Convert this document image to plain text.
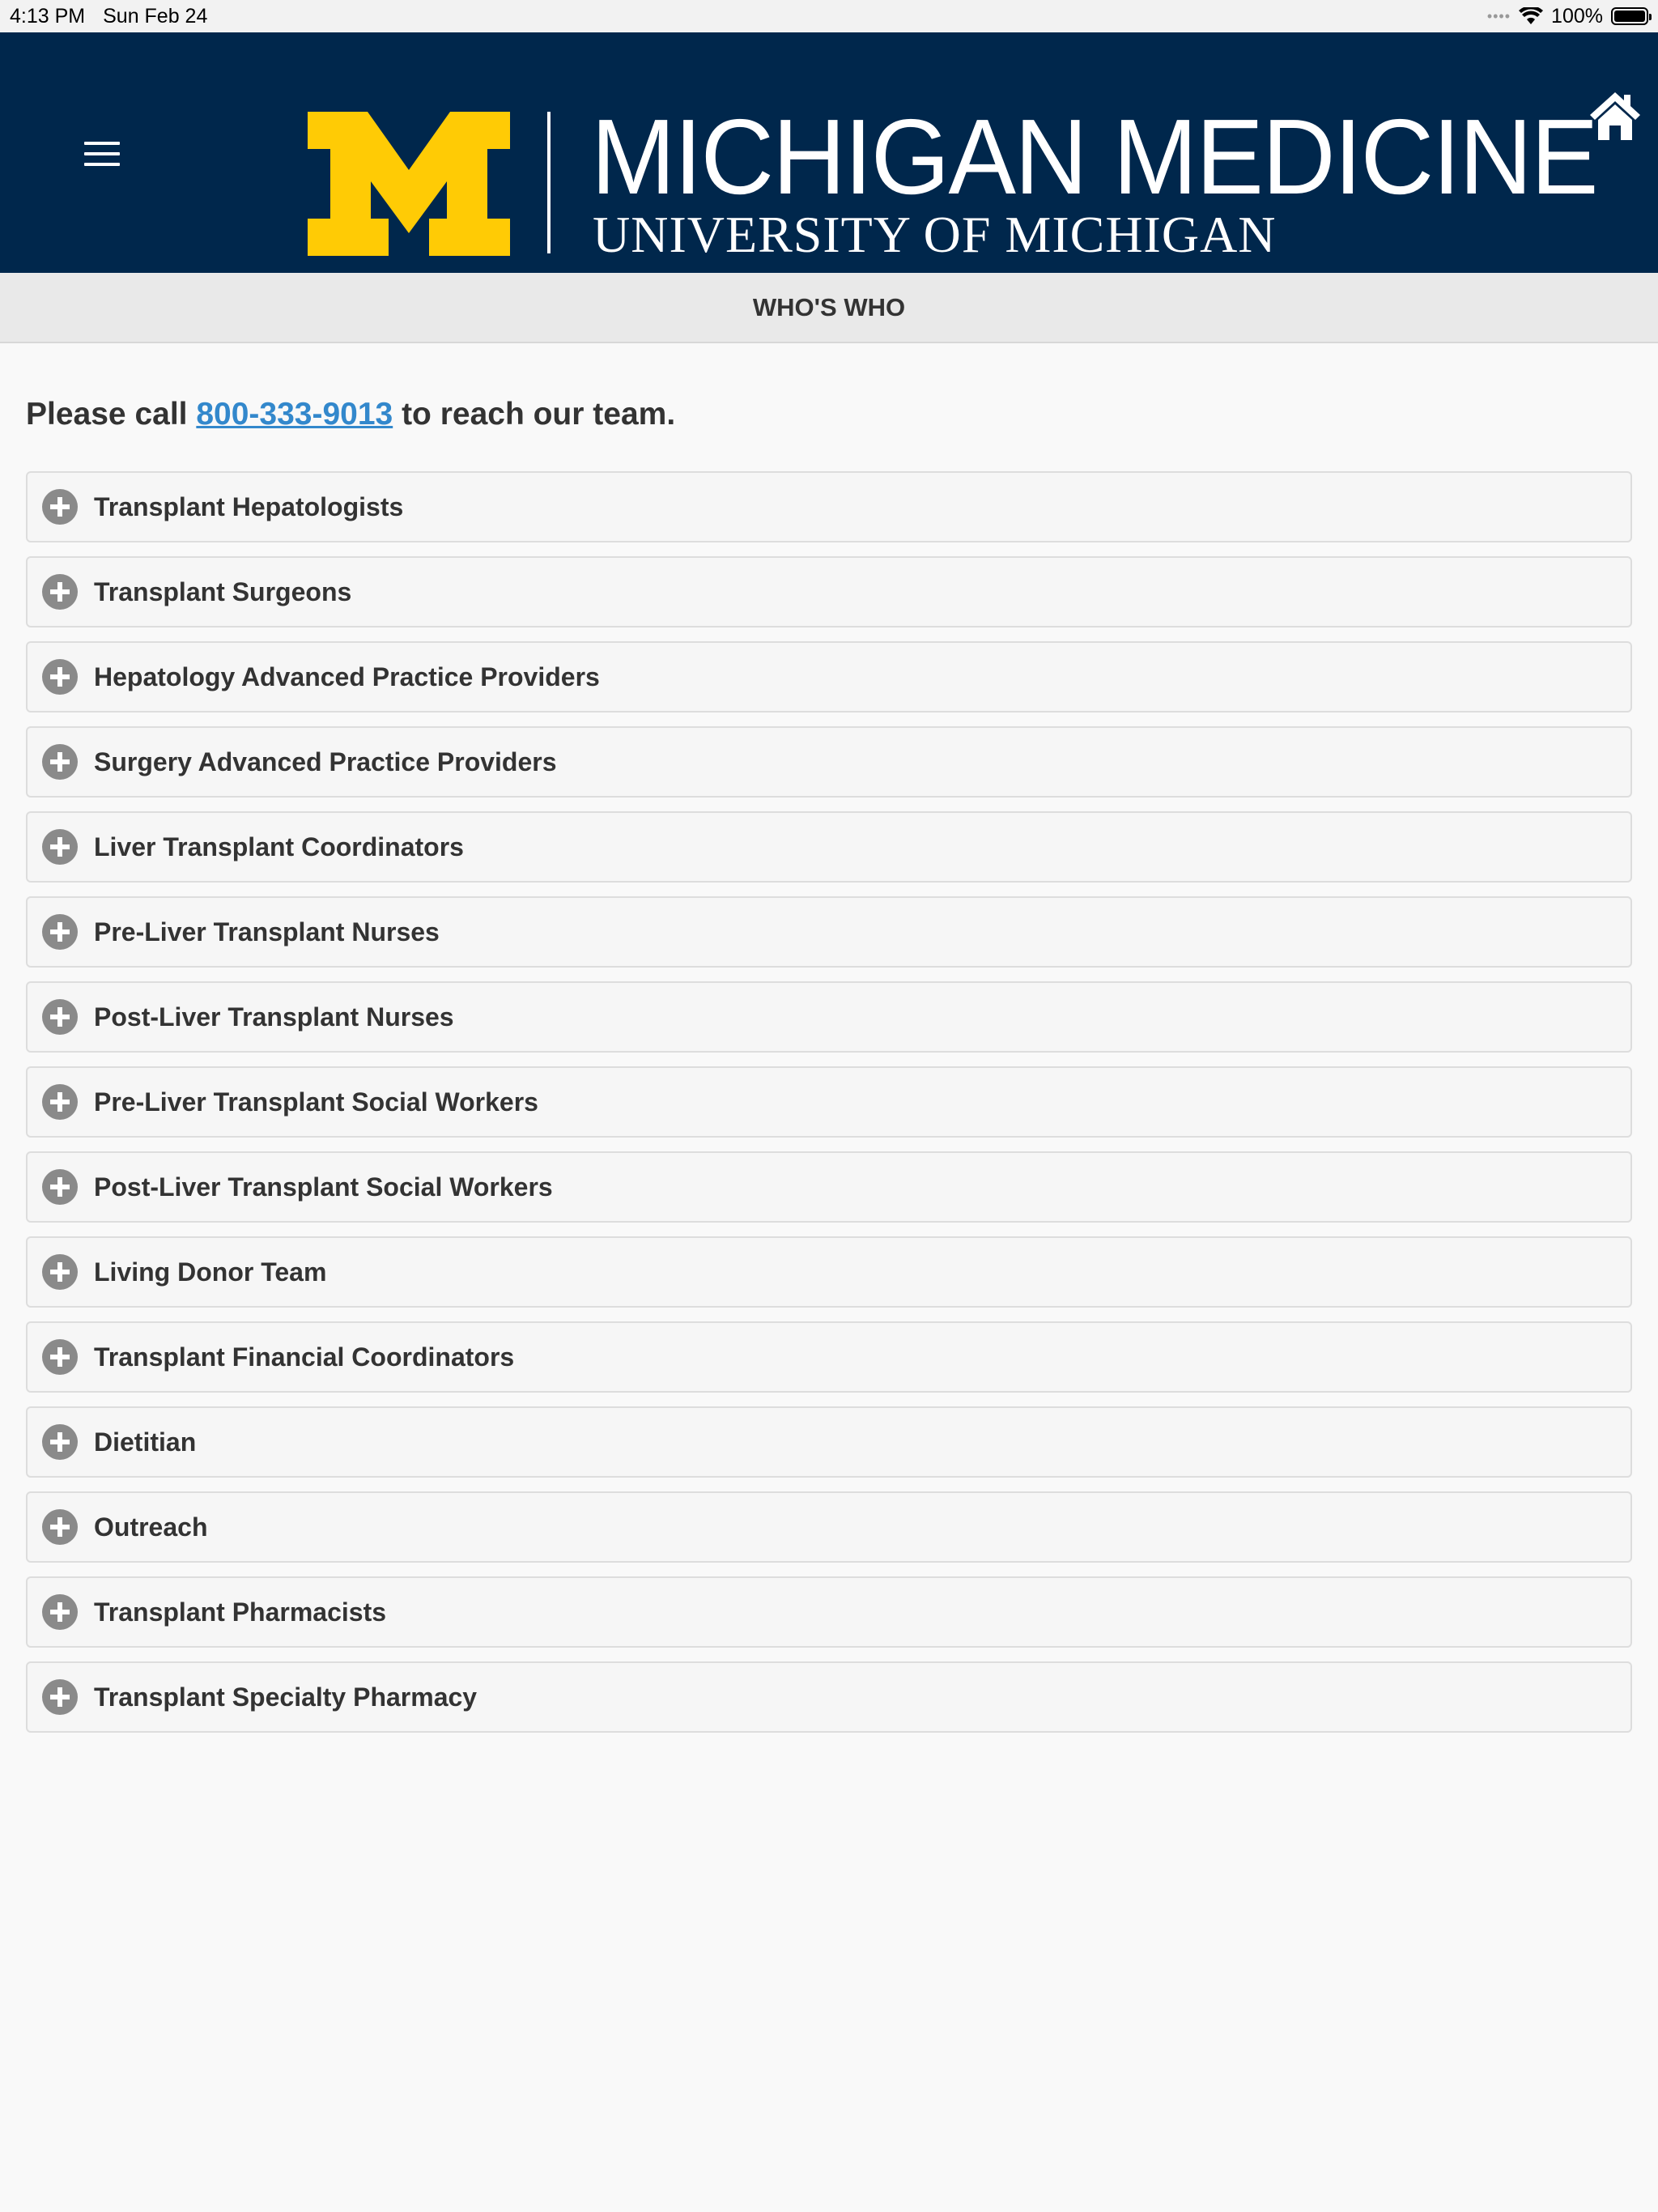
4:13 PM Sun Feb 24	•••• 100%
MICHIGAN MEDICINE
UNIVERSITY OF MICHIGAN
WHO'S WHO
Please call 800-333-9013 to reach our team.
Transplant Hepatologists
Transplant Surgeons
Hepatology Advanced Practice Providers
Surgery Advanced Practice Providers
Liver Transplant Coordinators
Pre-Liver Transplant Nurses
Post-Liver Transplant Nurses
Pre-Liver Transplant Social Workers
Post-Liver Transplant Social Workers
Living Donor Team
Transplant Financial Coordinators
Dietitian
Outreach
Transplant Pharmacists
Transplant Specialty Pharmacy
